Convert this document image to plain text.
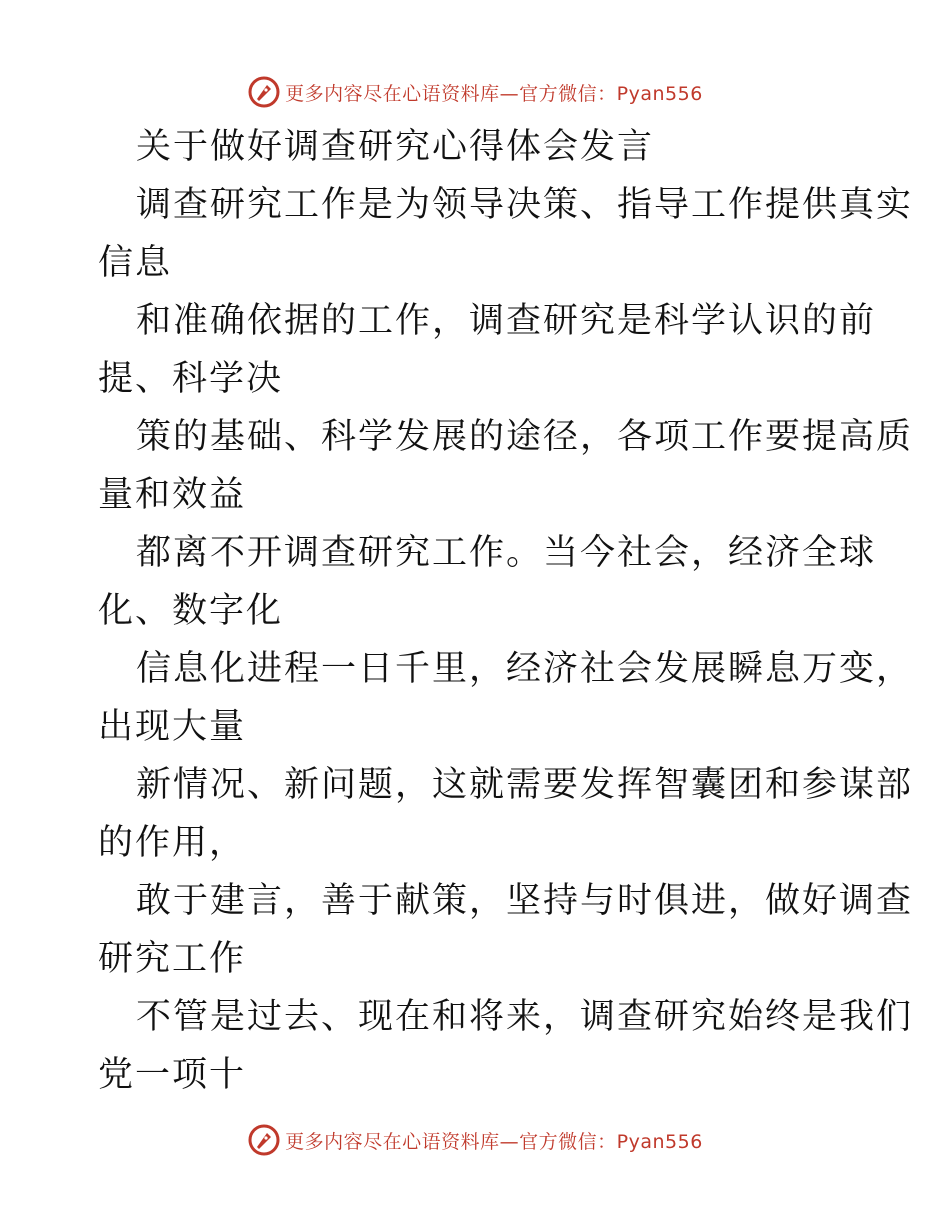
更多内容尽在心语资料库—官方微信：Pyan556
关于做好调查研究心得体会发言
调查研究工作是为领导决策、指导工作提供真实
信息
和准确依据的工作，调查研究是科学认识的前
提、科学决
策的基础、科学发展的途径，各项工作要提高质
量和效益
都离不开调查研究工作。当今社会，经济全球
化、数字化
信息化进程一日千里，经济社会发展瞬息万变，
出现大量
新情况、新问题，这就需要发挥智囊团和参谋部
的作用，
敢于建言，善于献策，坚持与时俱进，做好调查
研究工作
不管是过去、现在和将来，调查研究始终是我们
党一项十
更多内容尽在心语资料库—官方微信：Pyan556
